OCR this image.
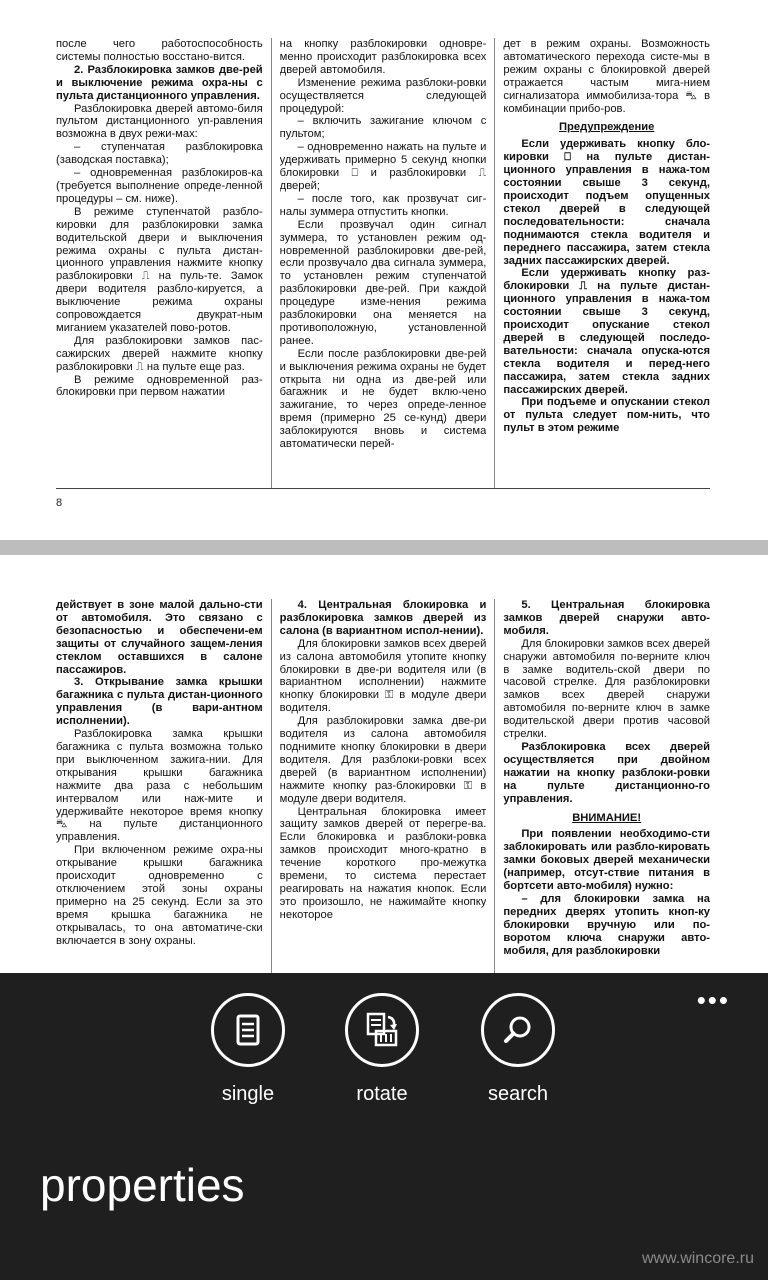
после чего работоспособность системы полностью восстано-вится.

2. Разблокировка замков две-рей и выключение режима охра-ны с пульта дистанционного управления.

Разблокировка дверей автомо-биля пультом дистанционного уп-равления возможна в двух режи-мах:

– ступенчатая разблокировка (заводская поставка);

– одновременная разблокиров-ка (требуется выполнение опреде-ленной процедуры – см. ниже).

В режиме ступенчатой разбло-кировки для разблокировки замка водительской двери и выключения режима охраны с пульта дистан-ционного управления нажмите кнопку разблокировки ⎍ на пуль-те. Замок двери водителя разбло-кируется, а выключение режима охраны сопровождается двукрат-ным миганием указателей пово-ротов.

Для разблокировки замков пас-сажирских дверей нажмите кнопку разблокировки ⎍ на пульте еще раз.

В режиме одновременной раз-блокировки при первом нажатии

на кнопку разблокировки одновре-менно происходит разблокировка всех дверей автомобиля.

Изменение режима разблоки-ровки осуществляется следующей процедурой:

– включить зажигание ключом с пультом;

– одновременно нажать на пульте и удерживать примерно 5 секунд кнопки блокировки ⎕ и разблокировки ⎍ дверей;

– после того, как прозвучат сиг-налы зуммера отпустить кнопки.

Если прозвучал один сигнал зуммера, то установлен режим од-новременной разблокировки две-рей, если прозвучало два сигнала зуммера, то установлен режим ступенчатой разблокировки две-рей. При каждой процедуре изме-нения режима разблокировки она меняется на противоположную, установленной ранее.

Если после разблокировки две-рей и выключения режима охраны не будет открыта ни одна из две-рей или багажник и не будет вклю-чено зажигание, то через опреде-ленное время (примерно 25 се-кунд) двери заблокируются вновь и система автоматически перей-

дет в режим охраны. Возможность автоматического перехода систе-мы в режим охраны с блокировкой дверей отражается частым мига-нием сигнализатора иммобилиза-тора ⛍ в комбинации прибо-ров.

Предупреждение

Если удерживать кнопку бло-кировки ⎕ на пульте дистан-ционного управления в нажа-том состоянии свыше 3 секунд, происходит подъем опущенных стекол дверей в следующей последовательности: сначала поднимаются стекла водителя и переднего пассажира, затем стекла задних пассажирских дверей.

Если удерживать кнопку раз-блокировки ⎍ на пульте дистан-ционного управления в нажа-том состоянии свыше 3 секунд, происходит опускание стекол дверей в следующей последо-вательности: сначала опуска-ются стекла водителя и перед-него пассажира, затем стекла задних пассажирских дверей.

При подъеме и опускании стекол от пульта следует пом-нить, что пульт в этом режиме

8

действует в зоне малой дально-сти от автомобиля. Это связано с безопасностью и обеспечени-ем защиты от случайного защем-ления стеклом оставшихся в салоне пассажиров.

3. Открывание замка крышки багажника с пульта дистан-ционного управления (в вари-антном исполнении).

Разблокировка замка крышки багажника с пульта возможна только при выключенном зажига-нии. Для открывания крышки багажника нажмите два раза с небольшим интервалом или наж-мите и удерживайте некоторое время кнопку ⛍ на пульте дистанционного управления.

При включенном режиме охра-ны открывание крышки багажника происходит одновременно с отключением этой зоны охраны примерно на 25 секунд. Если за это время крышка багажника не открывалась, то она автоматиче-ски включается в зону охраны.

4. Центральная блокировка и разблокировка замков дверей из салона (в вариантном испол-нении).

Для блокировки замков всех дверей из салона автомобиля утопите кнопку блокировки в две-ри водителя или (в вариантном исполнении) нажмите кнопку блокировки ⚿ в модуле двери водителя.

Для разблокировки замка две-ри водителя из салона автомобиля поднимите кнопку блокировки в двери водителя. Для разблоки-ровки всех дверей (в вариантном исполнении) нажмите кнопку раз-блокировки ⚿ в модуле двери водителя.

Центральная блокировка имеет защиту замков дверей от перегре-ва. Если блокировка и разблоки-ровка замков происходит много-кратно в течение короткого про-межутка времени, то система перестает реагировать на нажатия кнопок. Если это произошло, не нажимайте кнопку некоторое

5. Центральная блокировка замков дверей снаружи авто-мобиля.

Для блокировки замков всех дверей снаружи автомобиля по-верните ключ в замке водитель-ской двери по часовой стрелке. Для разблокировки замков всех дверей снаружи автомобиля по-верните ключ в замке водительской двери против часовой стрелки.

Разблокировка всех дверей осуществляется при двойном нажатии на кнопку разблоки-ровки на пульте дистанционно-го управления.

ВНИМАНИЕ!

При появлении необходимо-сти заблокировать или разбло-кировать замки боковых дверей механически (например, отсут-ствие питания в бортсети авто-мобиля) нужно:

– для блокировки замка на передних дверях утопить кноп-ку блокировки вручную или по-воротом ключа снаружи авто-мобиля, для разблокировки

•••
single	rotate	search
properties
www.wincore.ru
